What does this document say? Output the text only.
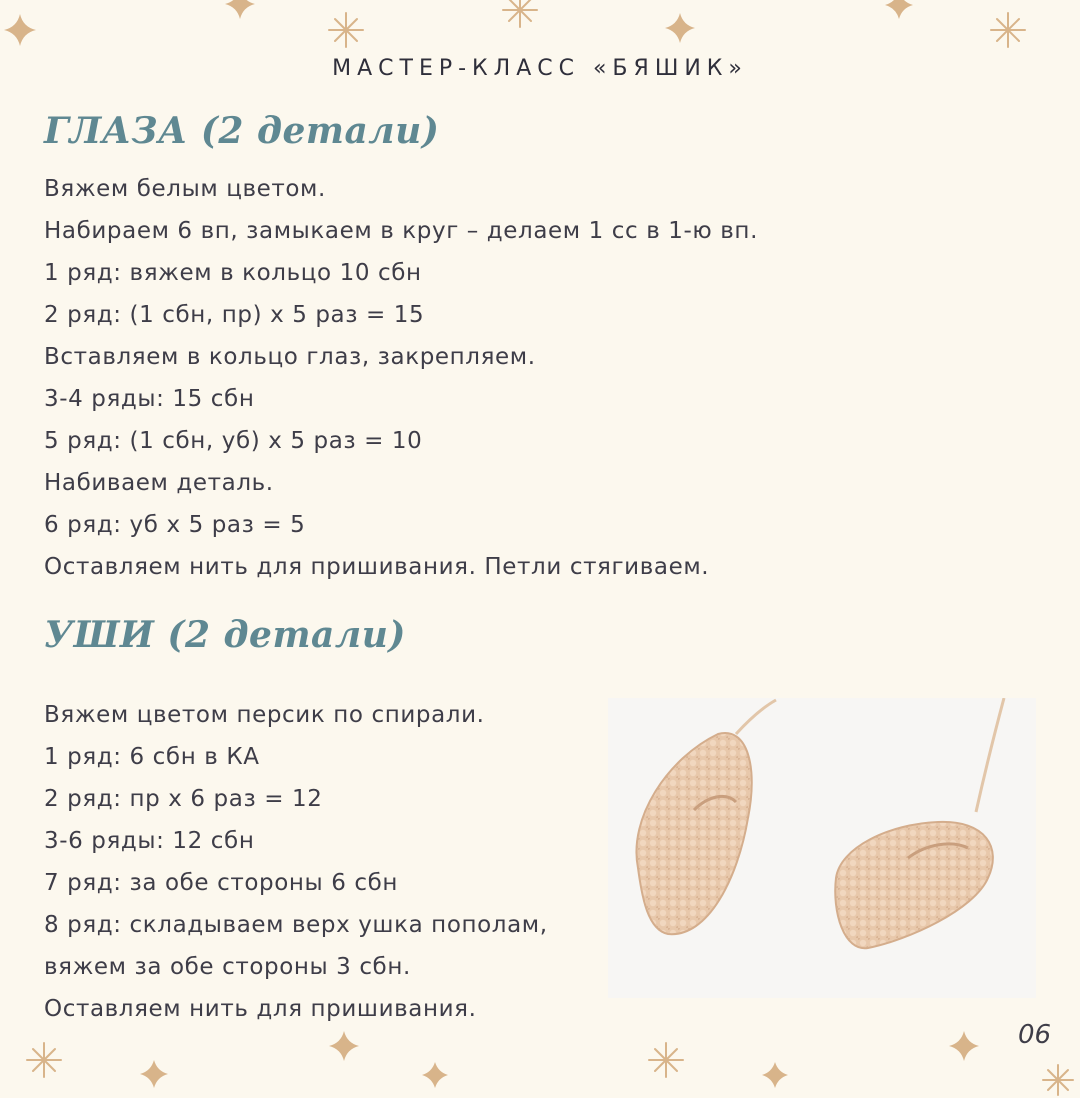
МАСТЕР-КЛАСС «БЯШИК»
ГЛАЗА (2 детали)
Вяжем белым цветом.
Набираем 6 вп, замыкаем в круг – делаем 1 сс в 1-ю вп.
1 ряд: вяжем в кольцо 10 сбн
2 ряд: (1 сбн, пр) х 5 раз = 15
Вставляем в кольцо глаз, закрепляем.
3-4 ряды: 15 сбн
5 ряд: (1 сбн, уб) х 5 раз = 10
Набиваем деталь.
6 ряд: уб х 5 раз = 5
Оставляем нить для пришивания. Петли стягиваем.
УШИ (2 детали)
Вяжем цветом персик по спирали.
1 ряд: 6 сбн в КА
2 ряд: пр х 6 раз = 12
3-6 ряды: 12 сбн
7 ряд: за обе стороны 6 сбн
8 ряд: складываем верх ушка пополам,
вяжем за обе стороны 3 сбн.
Оставляем нить для пришивания.
06
